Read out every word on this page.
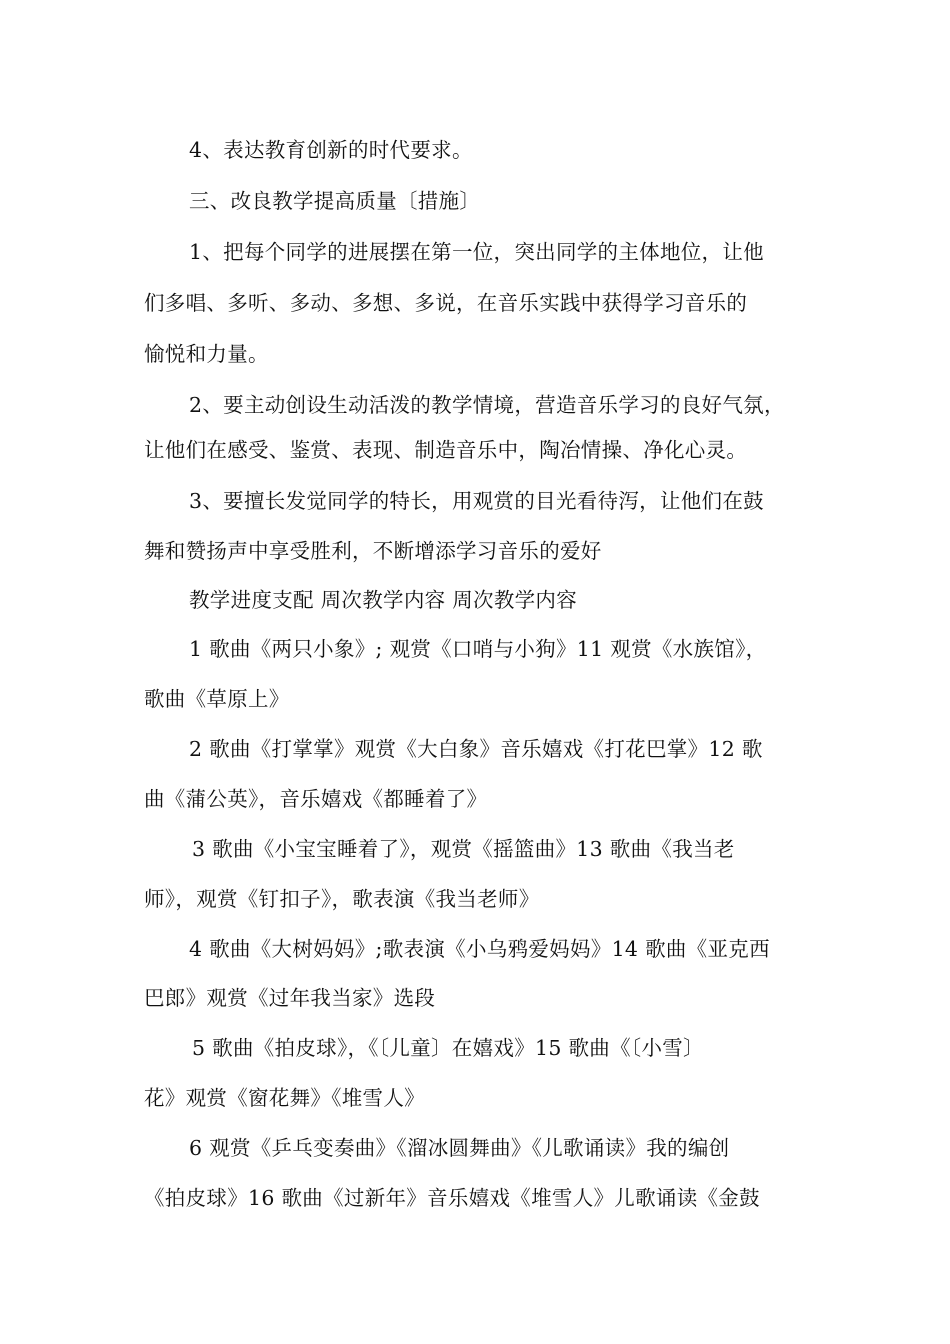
4、表达教育创新的时代要求。
三、改良教学提高质量〔措施〕
1、把每个同学的进展摆在第一位，突出同学的主体地位，让他
们多唱、多听、多动、多想、多说，在音乐实践中获得学习音乐的
愉悦和力量。
2、要主动创设生动活泼的教学情境，营造音乐学习的良好气氛，
让他们在感受、鉴赏、表现、制造音乐中，陶冶情操、净化心灵。
3、要擅长发觉同学的特长，用观赏的目光看待泻，让他们在鼓
舞和赞扬声中享受胜利，不断增添学习音乐的爱好
教学进度支配 周次教学内容 周次教学内容
1 歌曲《两只小象》; 观赏《口哨与小狗》11 观赏《水族馆》，
歌曲《草原上》
2 歌曲《打掌掌》观赏《大白象》音乐嬉戏《打花巴掌》12 歌
曲《蒲公英》，音乐嬉戏《都睡着了》
3 歌曲《小宝宝睡着了》，观赏《摇篮曲》13 歌曲《我当老
师》，观赏《钉扣子》，歌表演《我当老师》
4 歌曲《大树妈妈》;歌表演《小乌鸦爱妈妈》14 歌曲《亚克西
巴郎》观赏《过年我当家》选段
5 歌曲《拍皮球》，《〔儿童〕在嬉戏》15 歌曲《〔小雪〕
花》观赏《窗花舞》《堆雪人》
6 观赏《乒乓变奏曲》《溜冰圆舞曲》《儿歌诵读》我的编创
《拍皮球》16 歌曲《过新年》音乐嬉戏《堆雪人》儿歌诵读《金鼓
